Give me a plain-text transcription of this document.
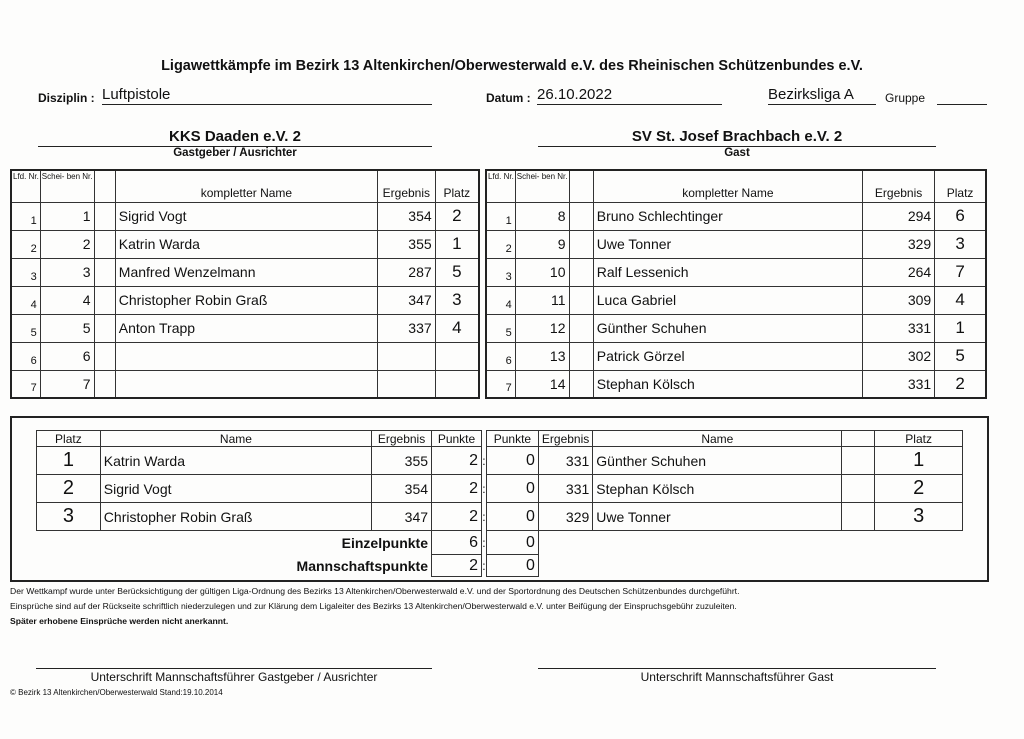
Ligawettkämpfe im Bezirk 13 Altenkirchen/Oberwesterwald e.V. des Rheinischen Schützenbundes e.V.
Disziplin : Luftpistole	Datum : 26.10.2022	Bezirksliga A	Gruppe
KKS Daaden e.V. 2
Gastgeber / Ausrichter
SV St. Josef Brachbach e.V. 2
Gast
Lfd. Nr.	Schei- ben Nr.		kompletter Name	Ergebnis	Platz
1	1		Sigrid Vogt	354	2
2	2		Katrin Warda	355	1
3	3		Manfred Wenzelmann	287	5
4	4		Christopher Robin Graß	347	3
5	5		Anton Trapp	337	4
6	6				
7	7				
Lfd. Nr.	Schei- ben Nr.		kompletter Name	Ergebnis	Platz
1	8		Bruno Schlechtinger	294	6
2	9		Uwe Tonner	329	3
3	10		Ralf Lessenich	264	7
4	11		Luca Gabriel	309	4
5	12		Günther Schuhen	331	1
6	13		Patrick Görzel	302	5
7	14		Stephan Kölsch	331	2
Platz	Name	Ergebnis	Punkte		Punkte	Ergebnis	Name		Platz
1	Katrin Warda	355	2	:	0	331	Günther Schuhen		1
2	Sigrid Vogt	354	2	:	0	331	Stephan Kölsch		2
3	Christopher Robin Graß	347	2	:	0	329	Uwe Tonner		3
Einzelpunkte			6	:	0				
Mannschaftspunkte			2	:	0				
Der Wettkampf wurde unter Berücksichtigung der gültigen Liga-Ordnung des Bezirks 13 Altenkirchen/Oberwesterwald e.V. und der Sportordnung des Deutschen Schützenbundes durchgeführt.
Einsprüche sind auf der Rückseite schriftlich niederzulegen und zur Klärung dem Ligaleiter des Bezirks 13 Altenkirchen/Oberwesterwald e.V. unter Beifügung der Einspruchsgebühr zuzuleiten.
Später erhobene Einsprüche werden nicht anerkannt.
Unterschrift Mannschaftsführer Gastgeber / Ausrichter	Unterschrift Mannschaftsführer Gast
© Bezirk 13 Altenkirchen/Oberwesterwald Stand:19.10.2014
